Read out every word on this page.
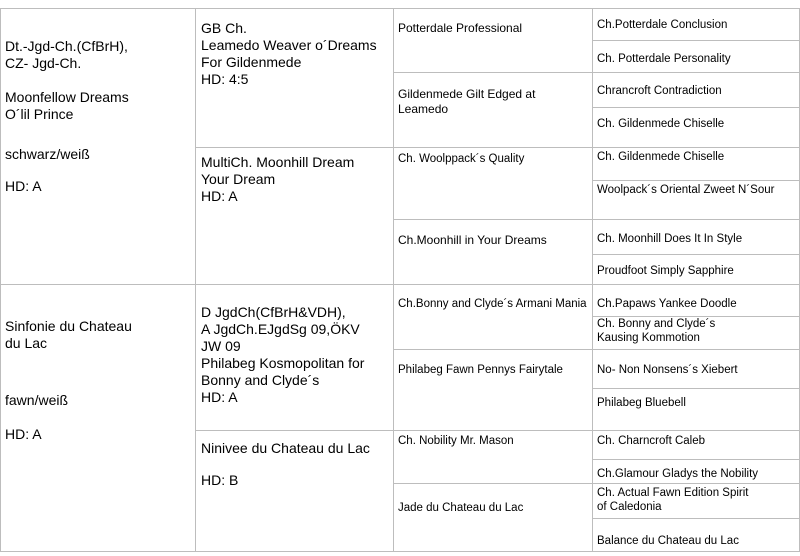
Dt.-Jgd-Ch.(CfBrH),
CZ- Jgd-Ch.

Moonfellow Dreams
O´lil Prince
schwarz/weiß
HD: A
Sinfonie du Chateau
du Lac
fawn/weiß
HD: A
GB Ch.
Leamedo Weaver o´Dreams
For Gildenmede
HD: 4:5
MultiCh. Moonhill Dream
Your Dream
HD: A
D JgdCh(CfBrH&VDH),
A JgdCh.EJgdSg 09,ÖKV
JW 09
Philabeg Kosmopolitan for
Bonny and Clyde´s
HD: A
Ninivee du Chateau du Lac
HD: B
Potterdale Professional
Gildenmede Gilt Edged at
Leamedo
Ch. Woolppack´s Quality
Ch.Moonhill in Your Dreams
Ch.Bonny and Clyde´s Armani Mania
Philabeg Fawn Pennys Fairytale
Ch. Nobility Mr. Mason
Jade du Chateau du Lac
Ch.Potterdale Conclusion
Ch. Potterdale Personality
Chrancroft Contradiction
Ch. Gildenmede Chiselle
Ch. Gildenmede Chiselle
Woolpack´s Oriental Zweet N´Sour
Ch. Moonhill Does It In Style
Proudfoot Simply Sapphire
Ch.Papaws Yankee Doodle
Ch. Bonny and Clyde´s
Kausing Kommotion
No- Non Nonsens´s Xiebert
Philabeg Bluebell
Ch. Charncroft Caleb
Ch.Glamour Gladys the Nobility
Ch. Actual Fawn Edition Spirit
of Caledonia
Balance du Chateau du Lac
